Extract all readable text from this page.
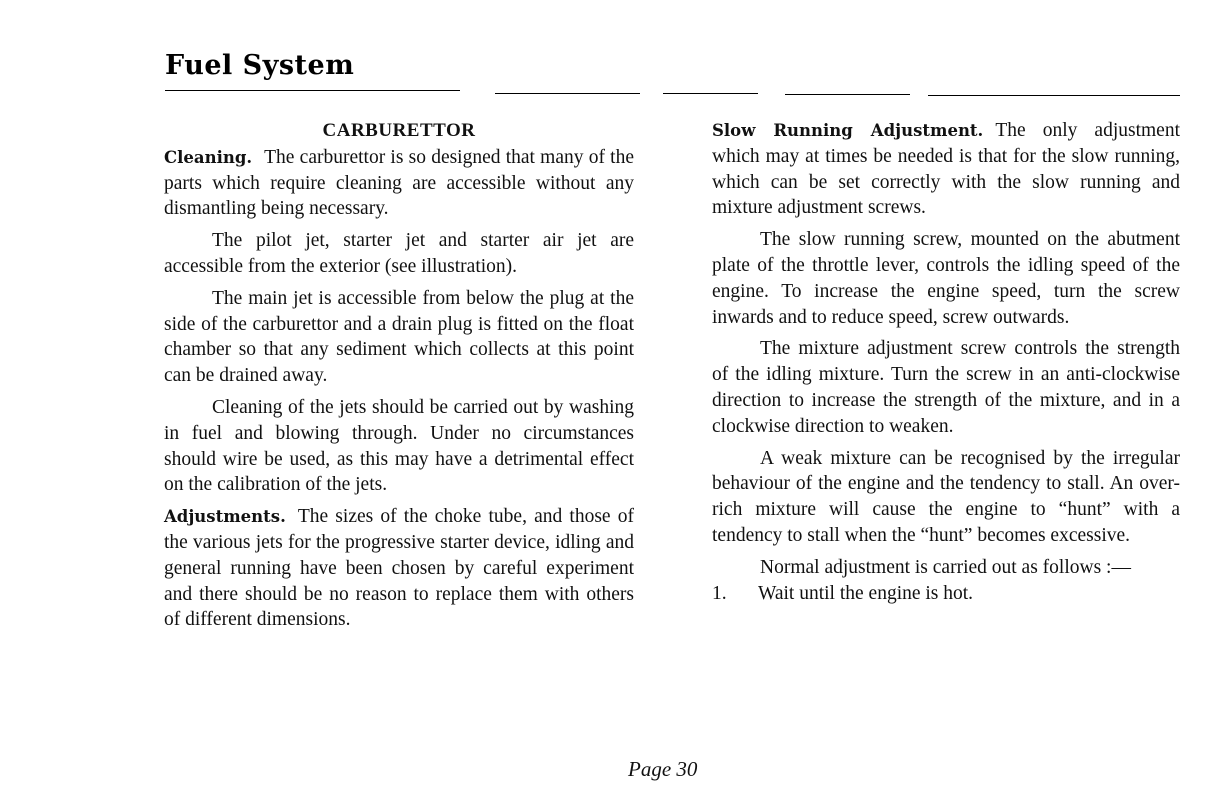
Fuel System
CARBURETTOR

Cleaning. The carburettor is so designed that many of the parts which require cleaning are accessible without any dismantling being necessary.

The pilot jet, starter jet and starter air jet are accessible from the exterior (see illustration).

The main jet is accessible from below the plug at the side of the carburettor and a drain plug is fitted on the float chamber so that any sediment which collects at this point can be drained away.

Cleaning of the jets should be carried out by washing in fuel and blowing through. Under no circumstances should wire be used, as this may have a detrimental effect on the calibration of the jets.

Adjustments. The sizes of the choke tube, and those of the various jets for the progressive starter device, idling and general running have been chosen by careful experiment and there should be no reason to replace them with others of different dimensions.

Slow Running Adjustment. The only adjustment which may at times be needed is that for the slow running, which can be set correctly with the slow running and mixture adjustment screws.

The slow running screw, mounted on the abutment plate of the throttle lever, controls the idling speed of the engine. To increase the engine speed, turn the screw inwards and to reduce speed, screw outwards.

The mixture adjustment screw controls the strength of the idling mixture. Turn the screw in an anti-clockwise direction to increase the strength of the mixture, and in a clockwise direction to weaken.

A weak mixture can be recognised by the irregular behaviour of the engine and the tendency to stall. An over-rich mixture will cause the engine to “hunt” with a tendency to stall when the “hunt” becomes excessive.

Normal adjustment is carried out as follows :—

1.	Wait until the engine is hot.
Page 30
